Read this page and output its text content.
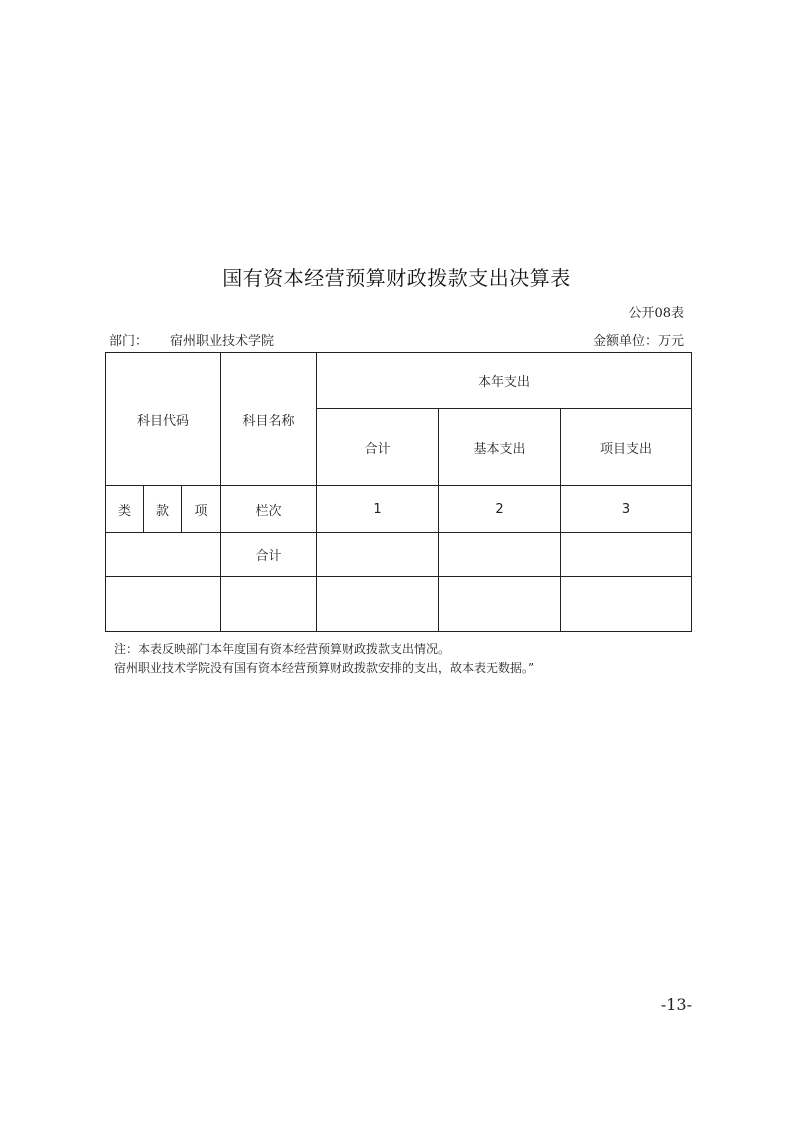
国有资本经营预算财政拨款支出决算表
公开08表
部门： 宿州职业技术学院	金额单位：万元
科目代码			科目名称	本年支出		
				合计	基本支出	项目支出
类	款	项	栏次	1	2	3
			合计			

注：本表反映部门本年度国有资本经营预算财政拨款支出情况。
宿州职业技术学院没有国有资本经营预算财政拨款安排的支出，故本表无数据。”
-13-
